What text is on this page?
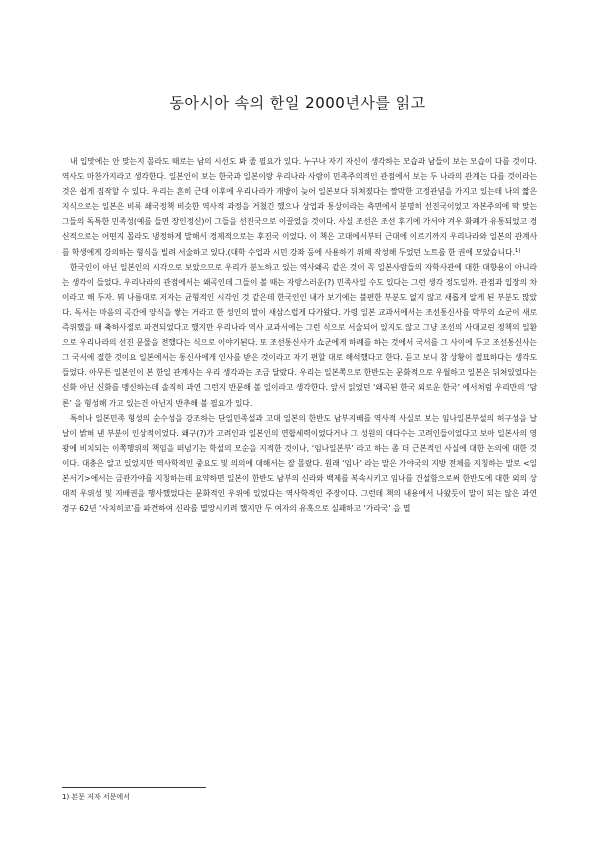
동아시아 속의 한일 2000년사를 읽고

내 입맛에는 안 맞는지 몰라도 때로는 남의 시선도 봐 줄 필요가 있다. 누구나 자기 자신이 생각하는 모습과 남들이 보는 모습이 다를 것이다. 역사도 마찬가지라고 생각한다. 일본인이 보는 한국과 일본이랑 우리나라 사람이 민족주의적인 관점에서 보는 두 나라의 관계는 다를 것이라는 것은 쉽게 짐작할 수 있다. 우리는 흔히 근대 이후에 우리나라가 개방이 늦어 일본보다 뒤쳐졌다는 짤막한 고정관념을 가지고 있는데 나의 짧은 지식으로는 일본은 비록 쇄국정책 비슷한 역사적 과정을 거쳤긴 했으나 상업과 통상이라는 측면에서 분명히 선진국이었고 자본주의에 딱 맞는 그들의 독특한 민족성(예를 들면 장인정신)이 그들을 선진국으로 이끌었을 것이다. 사실 조선은 조선 후기에 가서야 겨우 화폐가 유통되었고 경신적으로는 어떤지 몰라도 냉정하게 말해서 경제적으로는 후진국 이었다. 이 책은 고대에서부터 근대에 이르기까지 우리나라와 일본의 관계사를 학생에게 강의하는 형식을 빌려 서술하고 있다.(대학 수업과 시민 강좌 등에 사용하기 위해 작성해 두었던 노트를 한 권에 모았습니다.$^{1)}$

한국인이 아닌 일본인의 시각으로 보았으므로 우리가 분노하고 있는 역사왜곡 같은 것이 꼭 일본사람들의 자학사관에 대한 대항용이 아니라는 생각이 들었다. 우리나라의 관점에서는 왜곡인데 그들이 볼 때는 자랑스러운(?) 민족사일 수도 있다는 그런 생각 정도일까. 관점과 입장의 차이라고 해 두자. 뭐 나름대로 저자는 균형적인 시각인 것 같은데 한국인인 내가 보기에는 불편한 부분도 없지 않고 새롭게 알게 된 부분도 많았다. 독서는 마음의 곡간에 양식을 쌓는 거라고 한 성인의 말이 새삼스럽게 다가왔다. 가령 일본 교과서에서는 조선통신사를 막부의 쇼군이 새로 즉위했을 때 축하사절로 파견되었다고 했지만 우리나라 역사 교과서에는 그런 식으로 서술되어 있지도 않고 그냥 조선의 사대교린 정책의 일환으로 우리나라의 선진 문물을 전했다는 식으로 이야기된다. 또 조선통신사가 쇼군에게 하례를 하는 것에서 국서를 그 사이에 두고 조선통신사는 그 국서에 절한 것이요 일본에서는 통신사에게 인사를 받은 것이라고 자기 편할 대로 해석했다고 한다. 듣고 보니 참 상황이 절묘하다는 생각도 들었다. 아무튼 일본인이 본 한일 관계사는 우리 생각과는 조금 달랐다. 우리는 일본쪽으로 한반도는 문화적으로 우월하고 일본은 뒤쳐있었다는 신화 아닌 신화를 맹신하는데 솔직히 과연 그런지 반문해 볼 일이라고 생각한다. 앞서 읽었던 ‘왜곡된 한국 외로운 한국’ 에서처럼 우리만의 ‘담론’ 을 형성해 가고 있는건 아닌지 반추해 볼 필요가 있다.

특히나 일본민족 형성의 순수성을 강조하는 단일민족설과 고대 일본의 한반도 남부지배를 역사적 사실로 보는 임나일본부설의 허구성을 날날이 밝혀 낸 부분이 인상적이었다. 왜구(?)가 고려인과 일본인의 연합세력이었다거나 그 성원의 대다수는 고려인들이었다고 보아 일본사의 영광에 비치되는 이쪽행위의 책임을 떠넘기는 학설의 모순을 지적한 것이나, ‘임나일본부’ 라고 하는 좀 더 근본적인 사실에 대한 논의에 대한 것이다. 대충은 알고 있었지만 역사학적인 중요도 및 의의에 대해서는 잘 몰랐다. 원래 ‘임나’ 라는 말은 가야국의 지방 전체를 지칭하는 말로 <일본서기>에서는 금관가야를 지칭하는데 요약하면 일본이 한반도 남부의 신라와 백제를 복속시키고 임나를 건설함으로써 한반도에 대한 외의 상대적 우위성 및 지배권을 행사했었다는 문화적인 우위에 있었다는 역사학적인 주장이다. 그런데 책의 내용에서 나왔듯이 말이 되는 않은 과연 경구 62년 ‘사치히코’를 파견하여 신라를 멸망시키려 했지만 두 여자의 유혹으로 실패하고 ‘가라국’ 을 멸

1) 본문 저자 서문에서
